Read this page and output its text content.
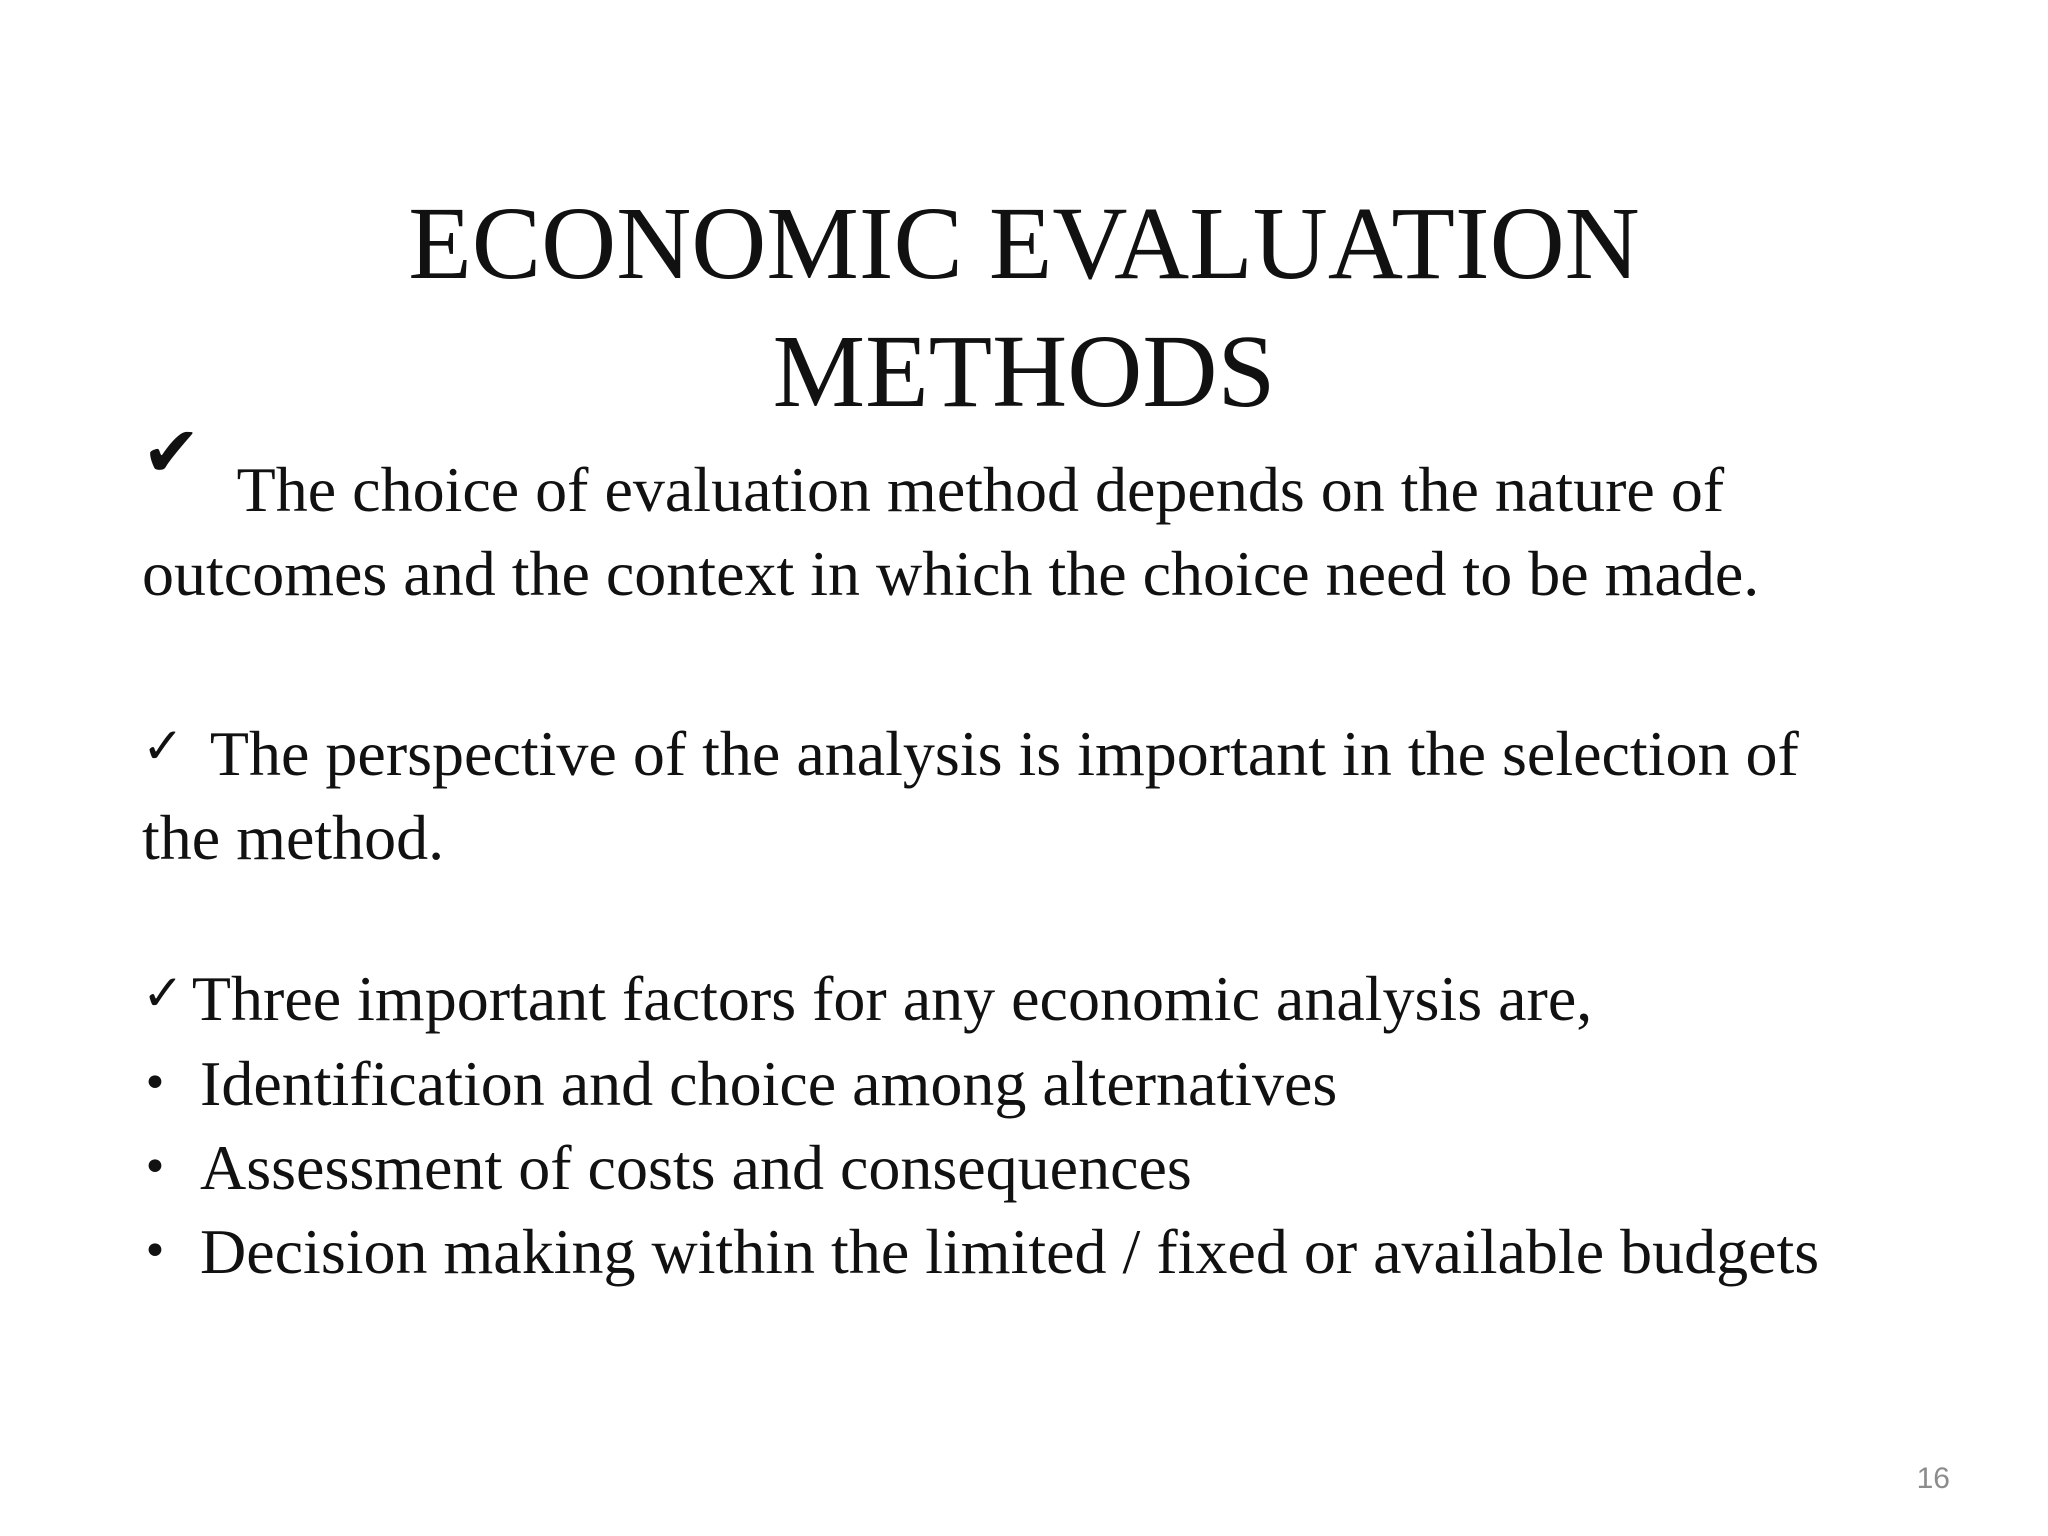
ECONOMIC EVALUATION
METHODS
✔ The choice of evaluation method depends on the nature of
outcomes and the context in which the choice need to be made.
✓ The perspective of the analysis is important in the selection of
the method.
✓ Three important factors for any economic analysis are,
• Identification and choice among alternatives
• Assessment of costs and consequences
• Decision making within the limited / fixed or available budgets
16
